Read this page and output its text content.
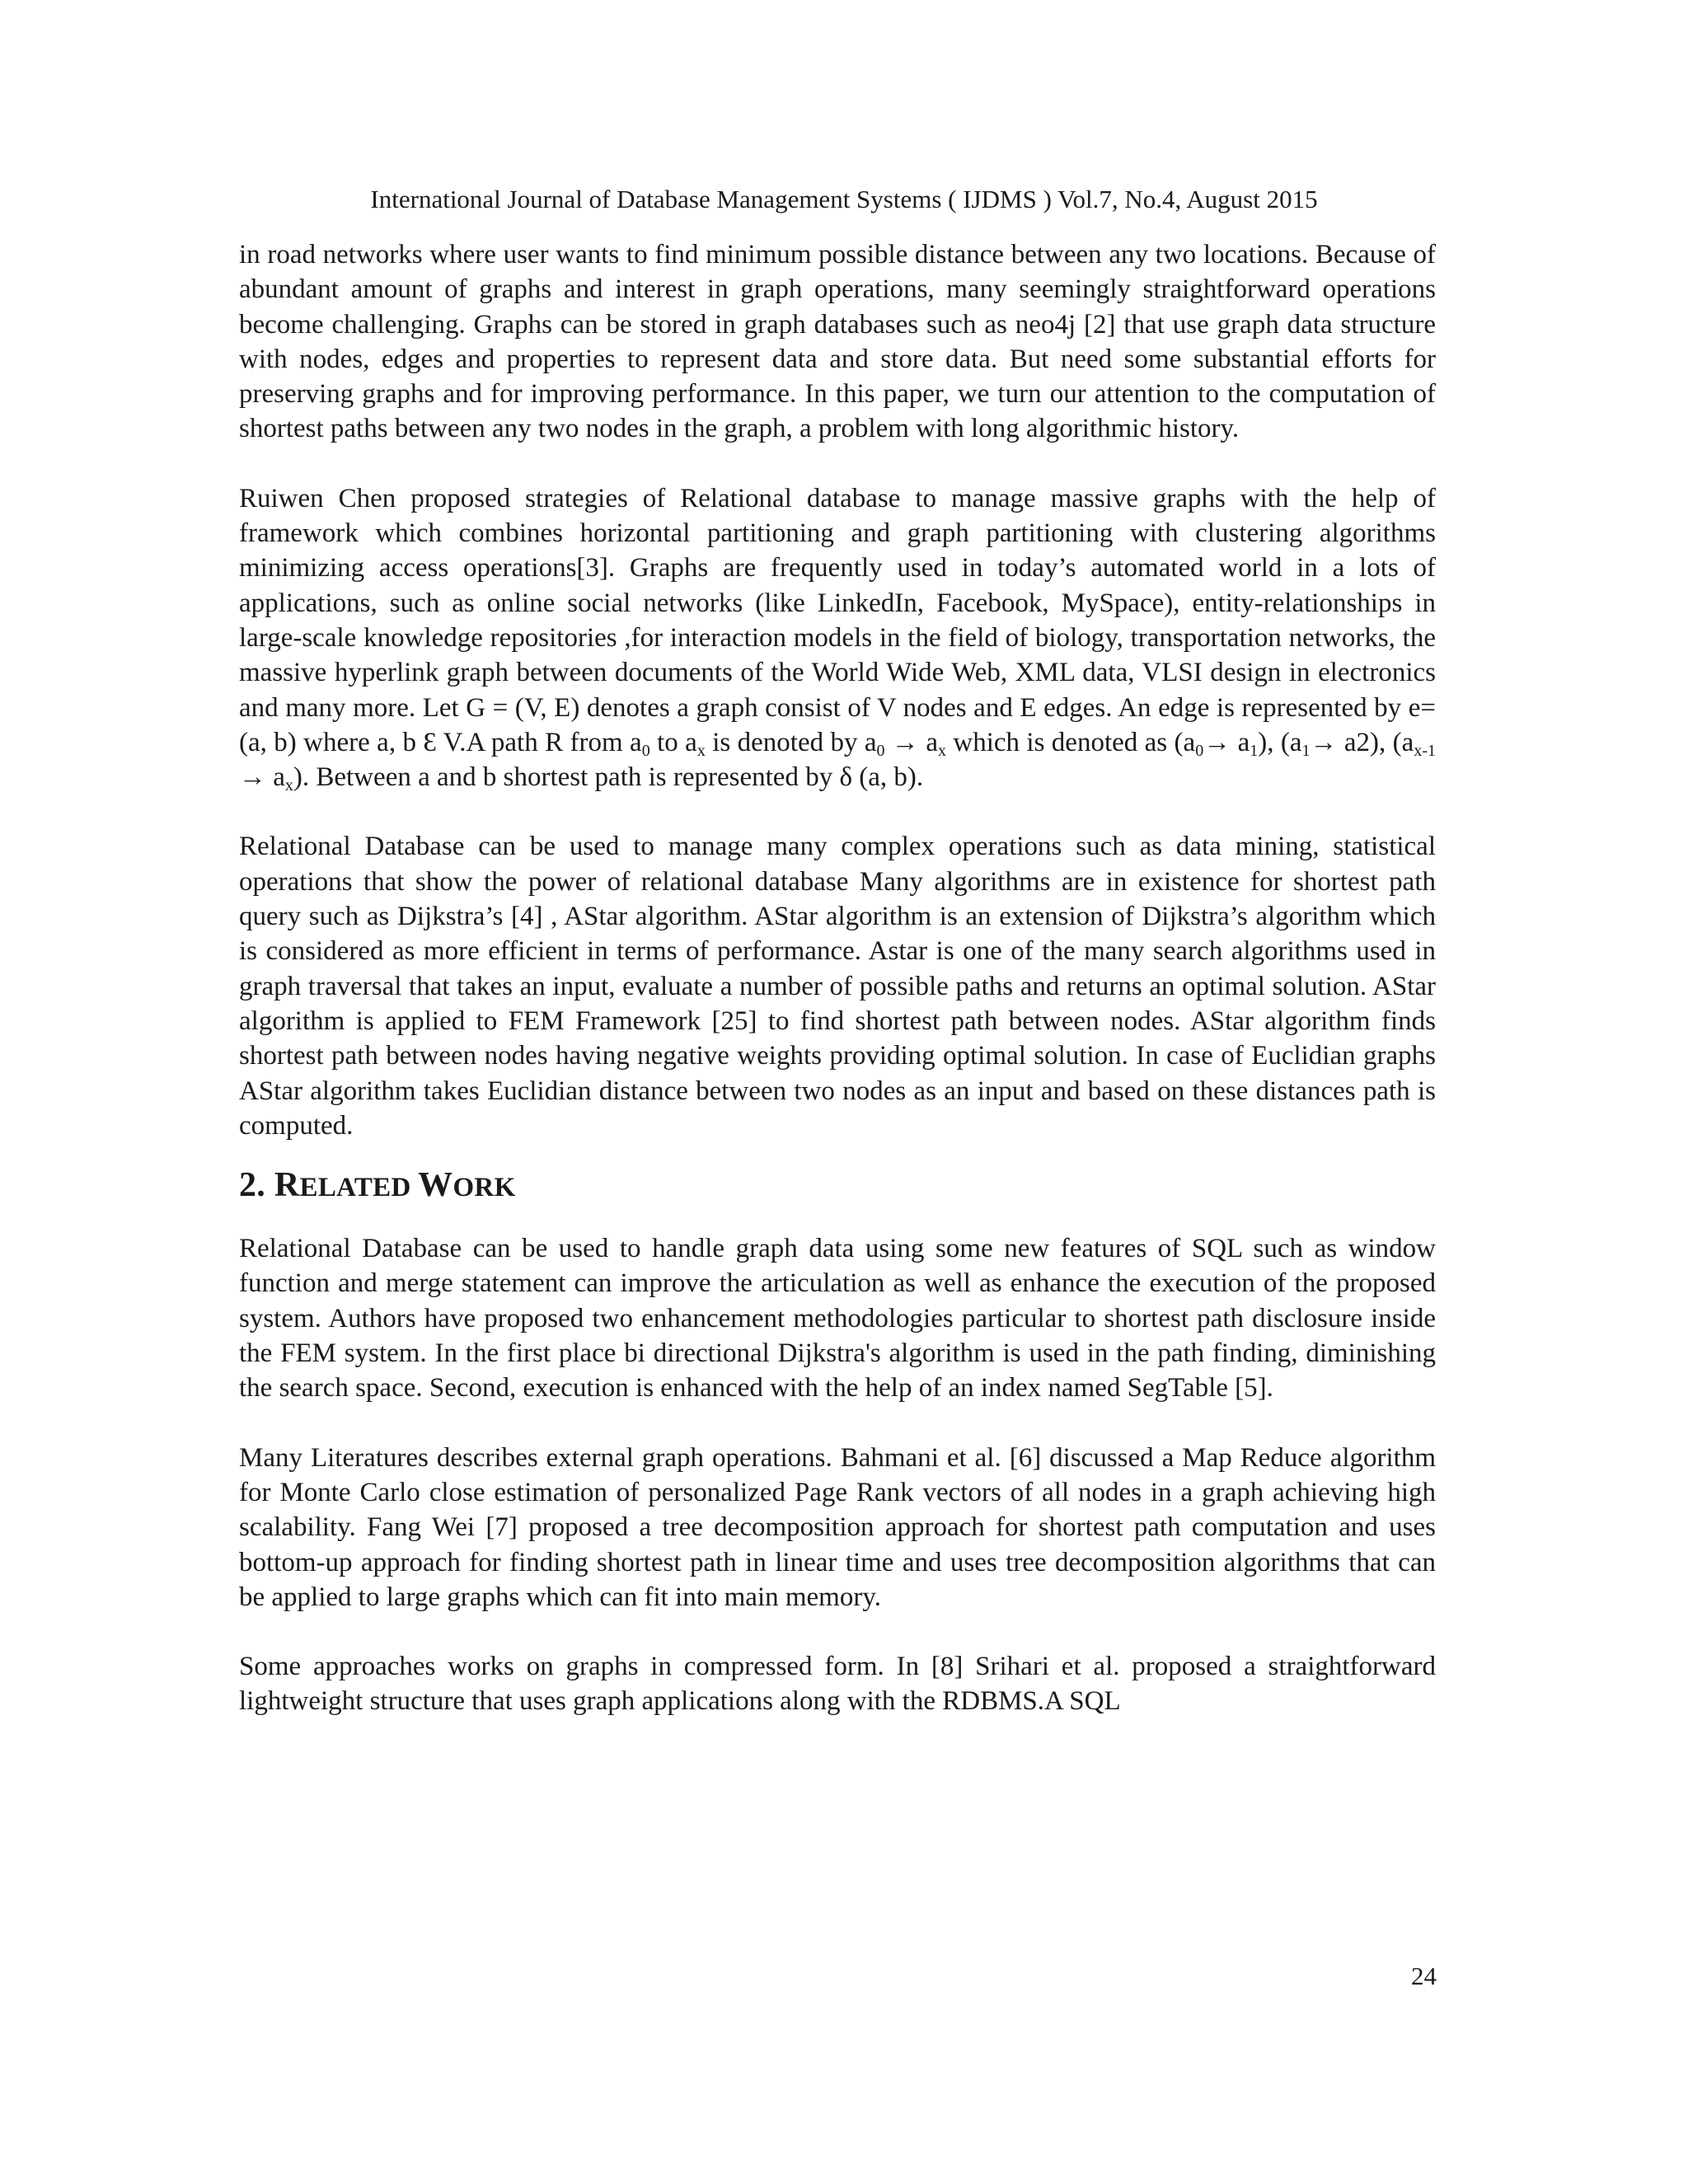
International Journal of Database Management Systems ( IJDMS ) Vol.7, No.4, August 2015

in road networks where user wants to find minimum possible distance between any two locations. Because of abundant amount of graphs and interest in graph operations, many seemingly straightforward operations become challenging. Graphs can be stored in graph databases such as neo4j [2] that use graph data structure with nodes, edges and properties to represent data and store data. But need some substantial efforts for preserving graphs and for improving performance. In this paper, we turn our attention to the computation of shortest paths between any two nodes in the graph, a problem with long algorithmic history.

Ruiwen Chen proposed strategies of Relational database to manage massive graphs with the help of framework which combines horizontal partitioning and graph partitioning with clustering algorithms minimizing access operations[3]. Graphs are frequently used in today’s automated world in a lots of applications, such as online social networks (like LinkedIn, Facebook, MySpace), entity-relationships in large-scale knowledge repositories ,for interaction models in the field of biology, transportation networks, the massive hyperlink graph between documents of the World Wide Web, XML data, VLSI design in electronics and many more. Let G = (V, E) denotes a graph consist of V nodes and E edges. An edge is represented by e= (a, b) where a, b Ɛ V.A path R from $a_0$ to $a_x$ is denoted by $a_0 \to a_x$ which is denoted as $(a_0\to a_1)$, $(a_1\to a2)$, $(a_{x-1} \to a_x)$. Between a and b shortest path is represented by δ (a, b).

Relational Database can be used to manage many complex operations such as data mining, statistical operations that show the power of relational database Many algorithms are in existence for shortest path query such as Dijkstra’s [4] , AStar algorithm. AStar algorithm is an extension of Dijkstra’s algorithm which is considered as more efficient in terms of performance. Astar is one of the many search algorithms used in graph traversal that takes an input, evaluate a number of possible paths and returns an optimal solution. AStar algorithm is applied to FEM Framework [25] to find shortest path between nodes. AStar algorithm finds shortest path between nodes having negative weights providing optimal solution. In case of Euclidian graphs AStar algorithm takes Euclidian distance between two nodes as an input and based on these distances path is computed.

2. RELATED WORK

Relational Database can be used to handle graph data using some new features of SQL such as window function and merge statement can improve the articulation as well as enhance the execution of the proposed system. Authors have proposed two enhancement methodologies particular to shortest path disclosure inside the FEM system. In the first place bi directional Dijkstra's algorithm is used in the path finding, diminishing the search space. Second, execution is enhanced with the help of an index named SegTable [5].

Many Literatures describes external graph operations. Bahmani et al. [6] discussed a Map Reduce algorithm for Monte Carlo close estimation of personalized Page Rank vectors of all nodes in a graph achieving high scalability. Fang Wei [7] proposed a tree decomposition approach for shortest path computation and uses bottom-up approach for finding shortest path in linear time and uses tree decomposition algorithms that can be applied to large graphs which can fit into main memory.

Some approaches works on graphs in compressed form. In [8] Srihari et al. proposed a straightforward lightweight structure that uses graph applications along with the RDBMS.A SQL

24
